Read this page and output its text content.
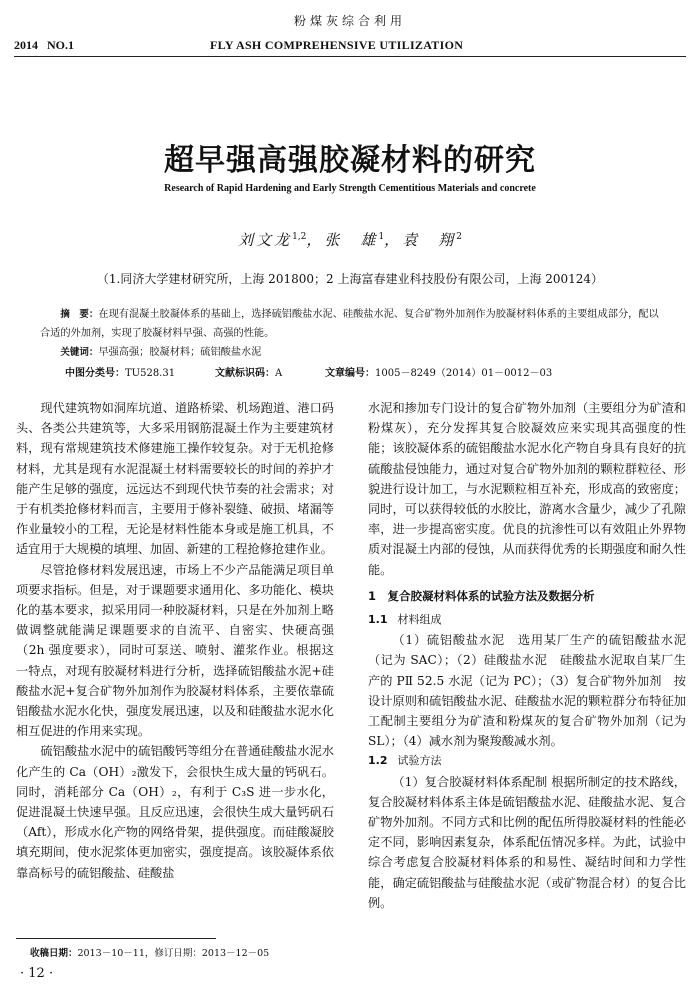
粉煤灰综合利用
2014   NO.1	FLY ASH COMPREHENSIVE UTILIZATION
超早强高强胶凝材料的研究
Research of Rapid Hardening and Early Strength Cementitious Materials and concrete
刘文龙$^{1,2}$，张　雄$^1$，袁　翔$^2$
（1.同济大学建材研究所，上海 201800；2 上海富春建业科技股份有限公司，上海 200124）
摘　要：在现有混凝土胶凝体系的基础上，选择硫铝酸盐水泥、硅酸盐水泥、复合矿物外加剂作为胶凝材料体系的主要组成部分，配以合适的外加剂，实现了胶凝材料早强、高强的性能。
关键词：早强高强；胶凝材料；硫铝酸盐水泥
中图分类号：TU528.31	文献标识码：A	文章编号：1005－8249（2014）01－0012－03

现代建筑物如洞库坑道、道路桥梁、机场跑道、港口码头、各类公共建筑等，大多采用钢筋混凝土作为主要建筑材料，现有常规建筑技术修建施工操作较复杂。对于无机抢修材料，尤其是现有水泥混凝土材料需要较长的时间的养护才能产生足够的强度，远远达不到现代快节奏的社会需求；对于有机类抢修材料而言，主要用于修补裂缝、破损、堵漏等作业量较小的工程，无论是材料性能本身或是施工机具，不适宜用于大规模的填埋、加固、新建的工程抢修抢建作业。

尽管抢修材料发展迅速，市场上不少产品能满足项目单项要求指标。但是，对于课题要求通用化、多功能化、模块化的基本要求，拟采用同一种胶凝材料，只是在外加剂上略做调整就能满足课题要求的自流平、自密实、快硬高强（2h 强度要求），同时可泵送、喷射、灌浆作业。根据这一特点，对现有胶凝材料进行分析，选择硫铝酸盐水泥+硅酸盐水泥+复合矿物外加剂作为胶凝材料体系，主要依靠硫铝酸盐水泥水化快，强度发展迅速，以及和硅酸盐水泥水化相互促进的作用来实现。

硫铝酸盐水泥中的硫铝酸钙等组分在普通硅酸盐水泥水化产生的 Ca（OH）₂激发下，会很快生成大量的钙矾石。同时，消耗部分 Ca（OH）₂，有利于 C₃S 进一步水化，促进混凝土快速早强。且反应迅速，会很快生成大量钙矾石（Aft），形成水化产物的网络骨架，提供强度。而硅酸凝胶填充期间，使水泥浆体更加密实，强度提高。该胶凝体系依靠高标号的硫铝酸盐、硅酸盐

水泥和掺加专门设计的复合矿物外加剂（主要组分为矿渣和粉煤灰），充分发挥其复合胶凝效应来实现其高强度的性能；该胶凝体系的硫铝酸盐水泥水化产物自身具有良好的抗硫酸盐侵蚀能力，通过对复合矿物外加剂的颗粒群粒径、形貌进行设计加工，与水泥颗粒相互补充，形成高的致密度；同时，可以获得较低的水胶比，游离水含量少，减少了孔隙率，进一步提高密实度。优良的抗渗性可以有效阻止外界物质对混凝土内部的侵蚀，从而获得优秀的长期强度和耐久性能。

1　复合胶凝材料体系的试验方法及数据分析
1.1 材料组成

（1）硫铝酸盐水泥　选用某厂生产的硫铝酸盐水泥（记为 SAC）；（2）硅酸盐水泥　硅酸盐水泥取自某厂生产的 PⅡ 52.5 水泥（记为 PC）；（3）复合矿物外加剂　按设计原则和硫铝酸盐水泥、硅酸盐水泥的颗粒群分布特征加工配制主要组分为矿渣和粉煤灰的复合矿物外加剂（记为 SL）；（4）减水剂为聚羧酸减水剂。

1.2 试验方法

（1）复合胶凝材料体系配制 根据所制定的技术路线，复合胶凝材料体系主体是硫铝酸盐水泥、硅酸盐水泥、复合矿物外加剂。不同方式和比例的配伍所得胶凝材料的性能必定不同，影响因素复杂，体系配伍情况多样。为此，试验中综合考虑复合胶凝材料体系的和易性、凝结时间和力学性能，确定硫铝酸盐与硅酸盐水泥（或矿物混合材）的复合比例。

收稿日期：2013－10－11，修订日期：2013－12－05
· 12 ·
